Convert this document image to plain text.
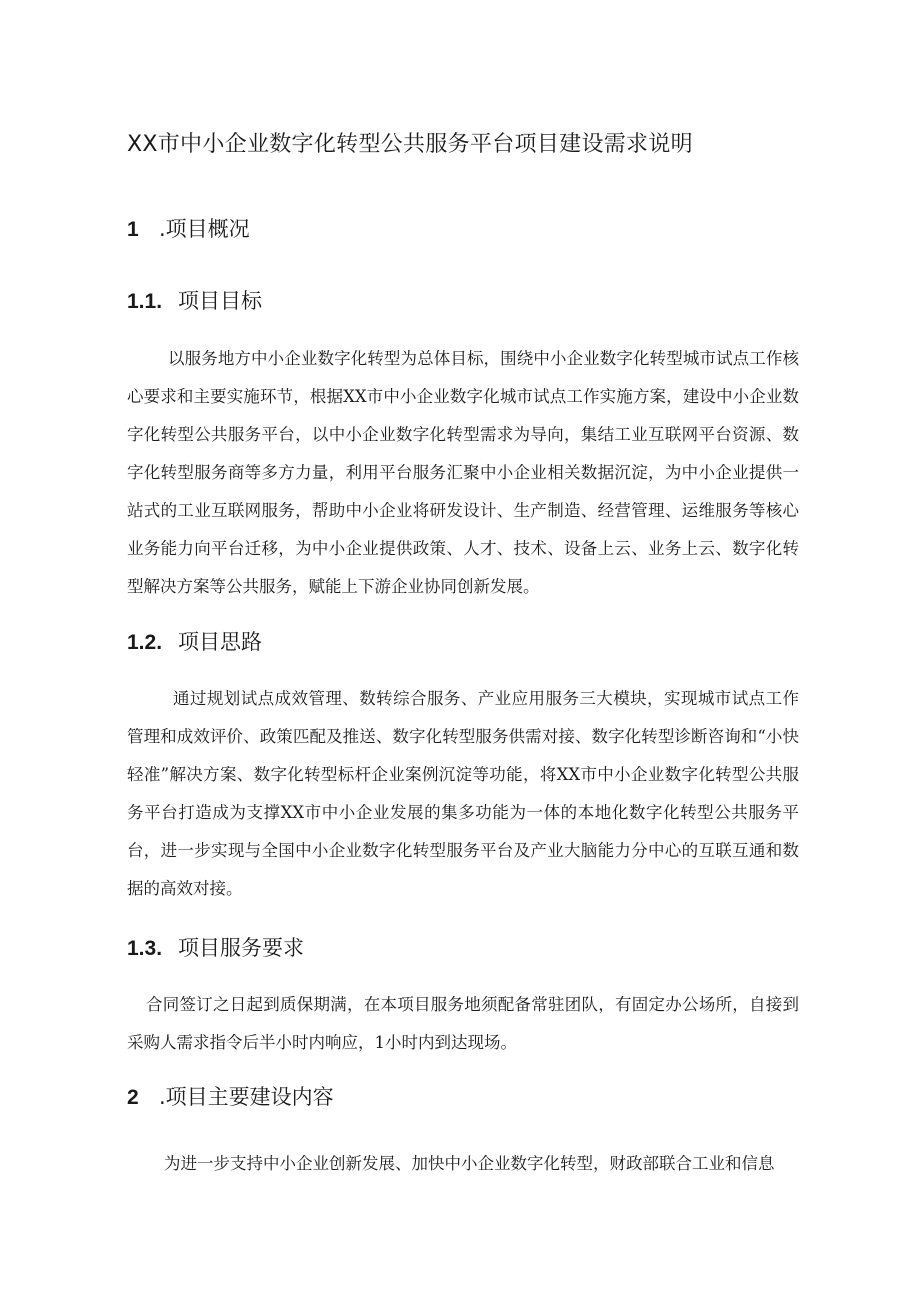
XX市中小企业数字化转型公共服务平台项目建设需求说明
1 .项目概况
1.1. 项目目标

以服务地方中小企业数字化转型为总体目标，围绕中小企业数字化转型城市试点工作核心要求和主要实施环节，根据XX市中小企业数字化城市试点工作实施方案，建设中小企业数字化转型公共服务平台，以中小企业数字化转型需求为导向，集结工业互联网平台资源、数字化转型服务商等多方力量，利用平台服务汇聚中小企业相关数据沉淀，为中小企业提供一站式的工业互联网服务，帮助中小企业将研发设计、生产制造、经营管理、运维服务等核心业务能力向平台迁移，为中小企业提供政策、人才、技术、设备上云、业务上云、数字化转型解决方案等公共服务，赋能上下游企业协同创新发展。

1.2. 项目思路

通过规划试点成效管理、数转综合服务、产业应用服务三大模块，实现城市试点工作管理和成效评价、政策匹配及推送、数字化转型服务供需对接、数字化转型诊断咨询和“小快轻准”解决方案、数字化转型标杆企业案例沉淀等功能，将XX市中小企业数字化转型公共服务平台打造成为支撑XX市中小企业发展的集多功能为一体的本地化数字化转型公共服务平台，进一步实现与全国中小企业数字化转型服务平台及产业大脑能力分中心的互联互通和数据的高效对接。

1.3. 项目服务要求

合同签订之日起到质保期满，在本项目服务地须配备常驻团队，有固定办公场所，自接到采购人需求指令后半小时内响应，1小时内到达现场。

2 .项目主要建设内容

为进一步支持中小企业创新发展、加快中小企业数字化转型，财政部联合工业和信息
